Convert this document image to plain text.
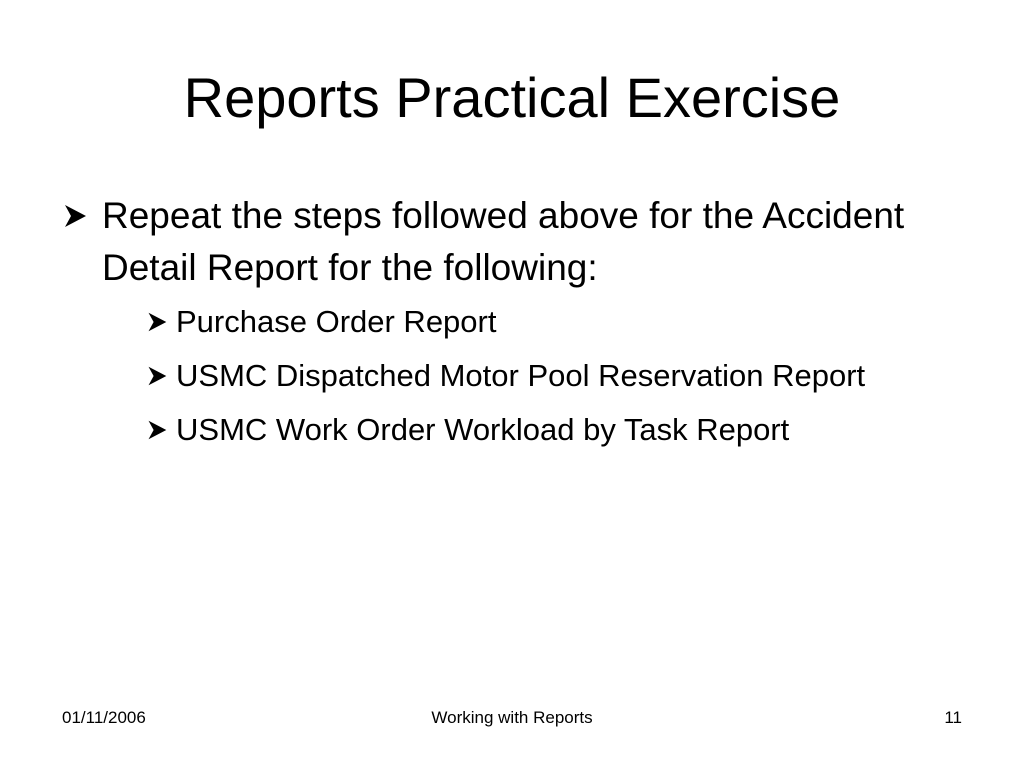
Reports Practical Exercise
Repeat the steps followed above for the Accident Detail Report for the following:
Purchase Order Report
USMC Dispatched Motor Pool Reservation Report
USMC Work Order Workload by Task Report
01/11/2006	Working with Reports	11
